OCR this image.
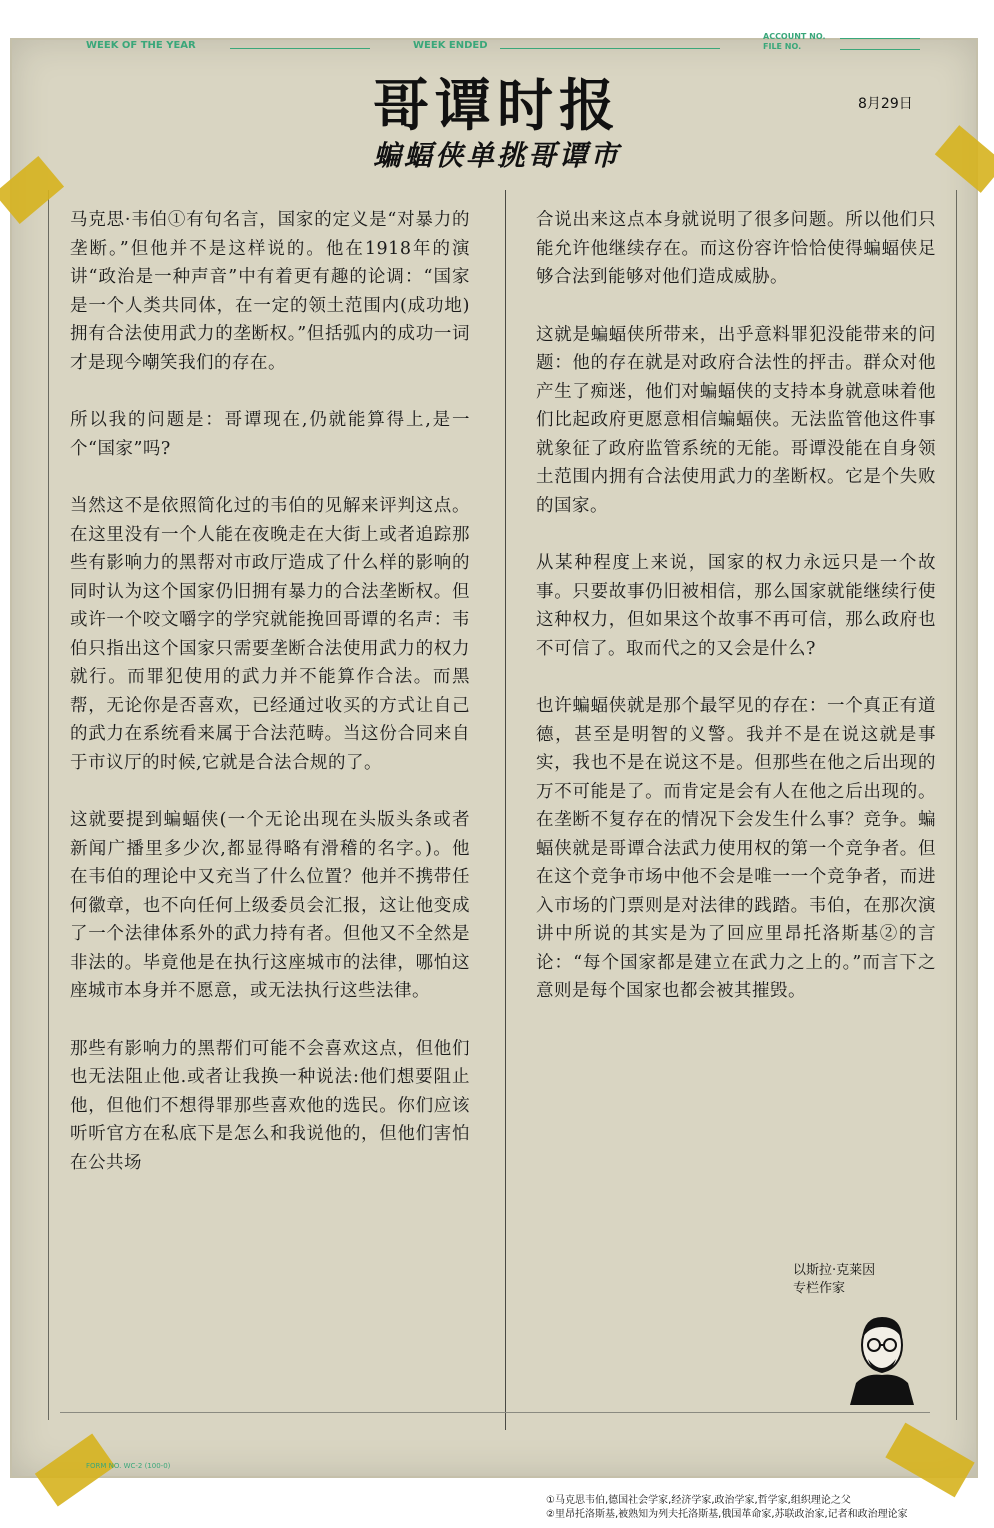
WEEK OF THE YEAR	WEEK ENDED
ACCOUNT NO.
FILE NO.
哥谭时报
蝙蝠侠单挑哥谭市
8月29日

马克思·韦伯①有句名言，国家的定义是“对暴力的垄断。”但他并不是这样说的。他在1918年的演讲“政治是一种声音”中有着更有趣的论调：“国家是一个人类共同体，在一定的领土范围内(成功地)拥有合法使用武力的垄断权。”但括弧内的成功一词才是现今嘲笑我们的存在。

所以我的问题是：哥谭现在,仍就能算得上,是一个“国家”吗?

当然这不是依照简化过的韦伯的见解来评判这点。在这里没有一个人能在夜晚走在大街上或者追踪那些有影响力的黑帮对市政厅造成了什么样的影响的同时认为这个国家仍旧拥有暴力的合法垄断权。但或许一个咬文嚼字的学究就能挽回哥谭的名声：韦伯只指出这个国家只需要垄断合法使用武力的权力就行。而罪犯使用的武力并不能算作合法。而黑帮，无论你是否喜欢，已经通过收买的方式让自己的武力在系统看来属于合法范畴。当这份合同来自于市议厅的时候,它就是合法合规的了。

这就要提到蝙蝠侠(一个无论出现在头版头条或者新闻广播里多少次,都显得略有滑稽的名字。)。他在韦伯的理论中又充当了什么位置？他并不携带任何徽章，也不向任何上级委员会汇报，这让他变成了一个法律体系外的武力持有者。但他又不全然是非法的。毕竟他是在执行这座城市的法律，哪怕这座城市本身并不愿意，或无法执行这些法律。

那些有影响力的黑帮们可能不会喜欢这点，但他们也无法阻止他.或者让我换一种说法:他们想要阻止他，但他们不想得罪那些喜欢他的选民。你们应该听听官方在私底下是怎么和我说他的，但他们害怕在公共场

合说出来这点本身就说明了很多问题。所以他们只能允许他继续存在。而这份容许恰恰使得蝙蝠侠足够合法到能够对他们造成威胁。

这就是蝙蝠侠所带来，出乎意料罪犯没能带来的问题：他的存在就是对政府合法性的抨击。群众对他产生了痴迷，他们对蝙蝠侠的支持本身就意味着他们比起政府更愿意相信蝙蝠侠。无法监管他这件事就象征了政府监管系统的无能。哥谭没能在自身领土范围内拥有合法使用武力的垄断权。它是个失败的国家。

从某种程度上来说，国家的权力永远只是一个故事。只要故事仍旧被相信，那么国家就能继续行使这种权力，但如果这个故事不再可信，那么政府也不可信了。取而代之的又会是什么?

也许蝙蝠侠就是那个最罕见的存在：一个真正有道德，甚至是明智的义警。我并不是在说这就是事实，我也不是在说这不是。但那些在他之后出现的万不可能是了。而肯定是会有人在他之后出现的。在垄断不复存在的情况下会发生什么事？竞争。蝙蝠侠就是哥谭合法武力使用权的第一个竞争者。但在这个竞争市场中他不会是唯一一个竞争者，而进入市场的门票则是对法律的践踏。韦伯，在那次演讲中所说的其实是为了回应里昂托洛斯基②的言论：“每个国家都是建立在武力之上的。”而言下之意则是每个国家也都会被其摧毁。

以斯拉·克莱因
专栏作家
FORM NO. WC-2 (100-0)
①马克思韦伯,德国社会学家,经济学家,政治学家,哲学家,组织理论之父
②里昂托洛斯基,被熟知为列夫托洛斯基,俄国革命家,苏联政治家,记者和政治理论家
